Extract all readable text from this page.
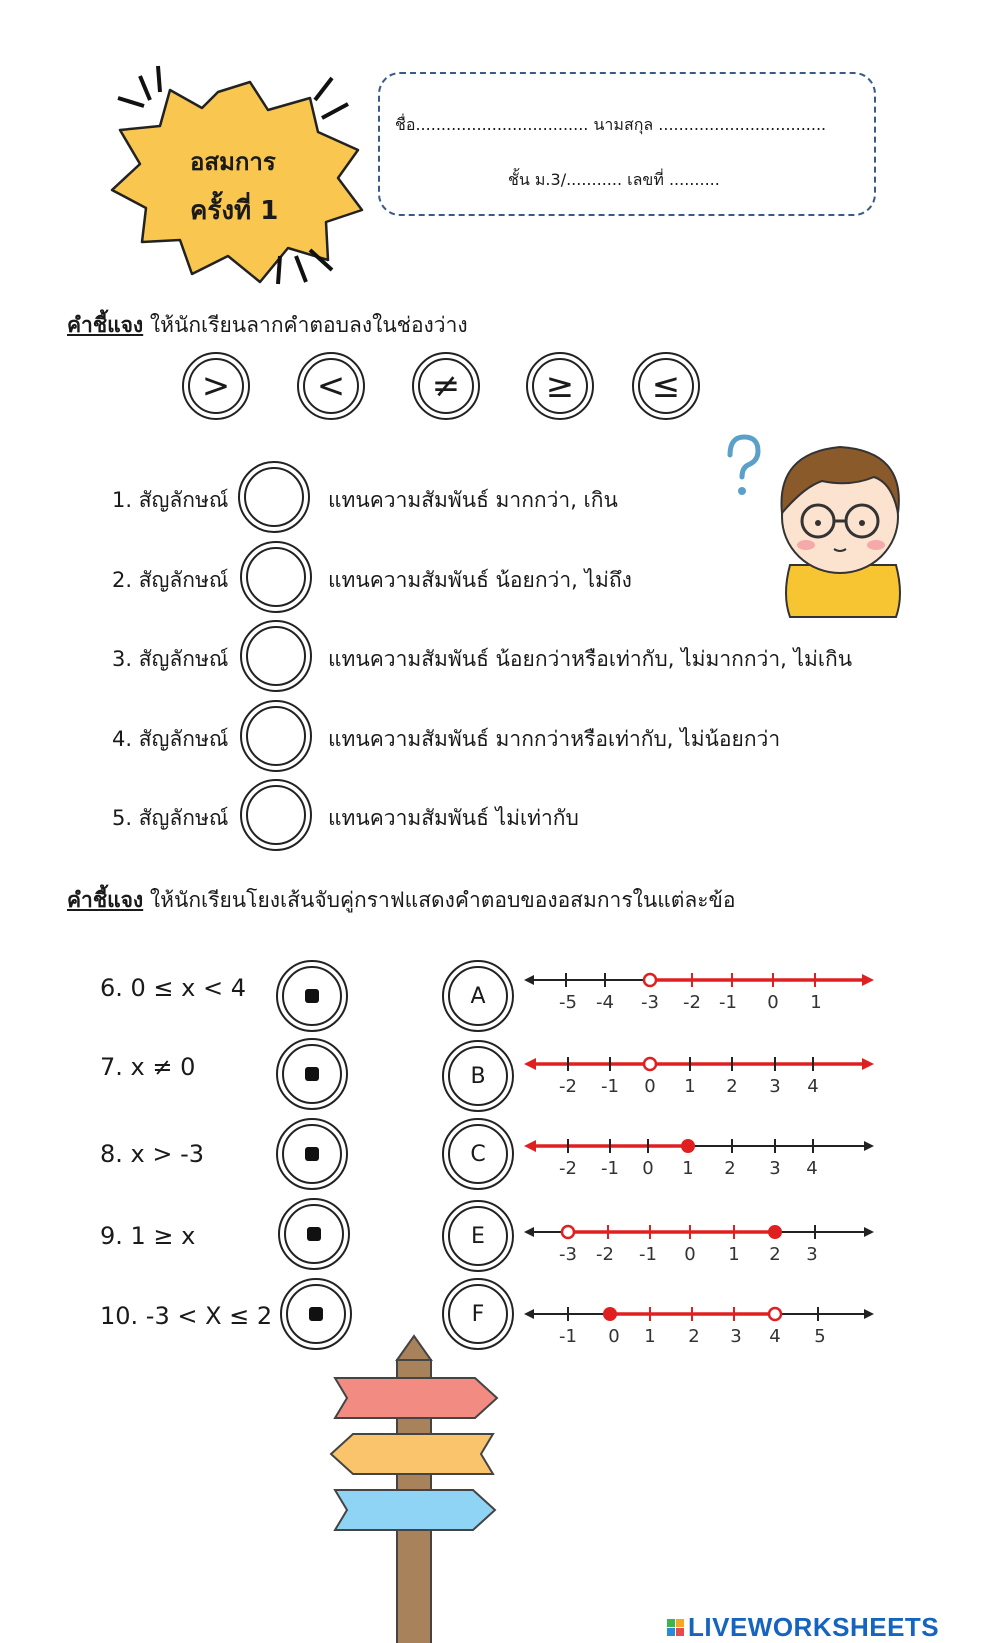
อสมการ
ครั้งที่ 1
ชื่อ.................................. นามสกุล .................................
ชั้น ม.3/........... เลขที่ ..........
คำชี้แจง ให้นักเรียนลากคำตอบลงในช่องว่าง
>	<	≠	≥ ≤
1. สัญลักษณ์	แทนความสัมพันธ์ มากกว่า, เกิน
2. สัญลักษณ์	แทนความสัมพันธ์ น้อยกว่า, ไม่ถึง
3. สัญลักษณ์	แทนความสัมพันธ์ น้อยกว่าหรือเท่ากับ, ไม่มากกว่า, ไม่เกิน
4. สัญลักษณ์	แทนความสัมพันธ์ มากกว่าหรือเท่ากับ, ไม่น้อยกว่า
5. สัญลักษณ์	แทนความสัมพันธ์ ไม่เท่ากับ
คำชี้แจง ให้นักเรียนโยงเส้นจับคู่กราฟแสดงคำตอบของอสมการในแต่ละข้อ
6. 0 ≤ x < 4
7. x ≠ 0
8. x > -3
9. 1 ≥ x
10. -3 < X ≤ 2
A
B
C
E
F
-5 -4 -3 -2 -1 0 1
-2 -1 0 1 2 3 4
-2 -1 0 1 2 3 4
-3 -2 -1 0 1 2 3
-1 0 1 2 3 4 5
LIVEWORKSHEETS
